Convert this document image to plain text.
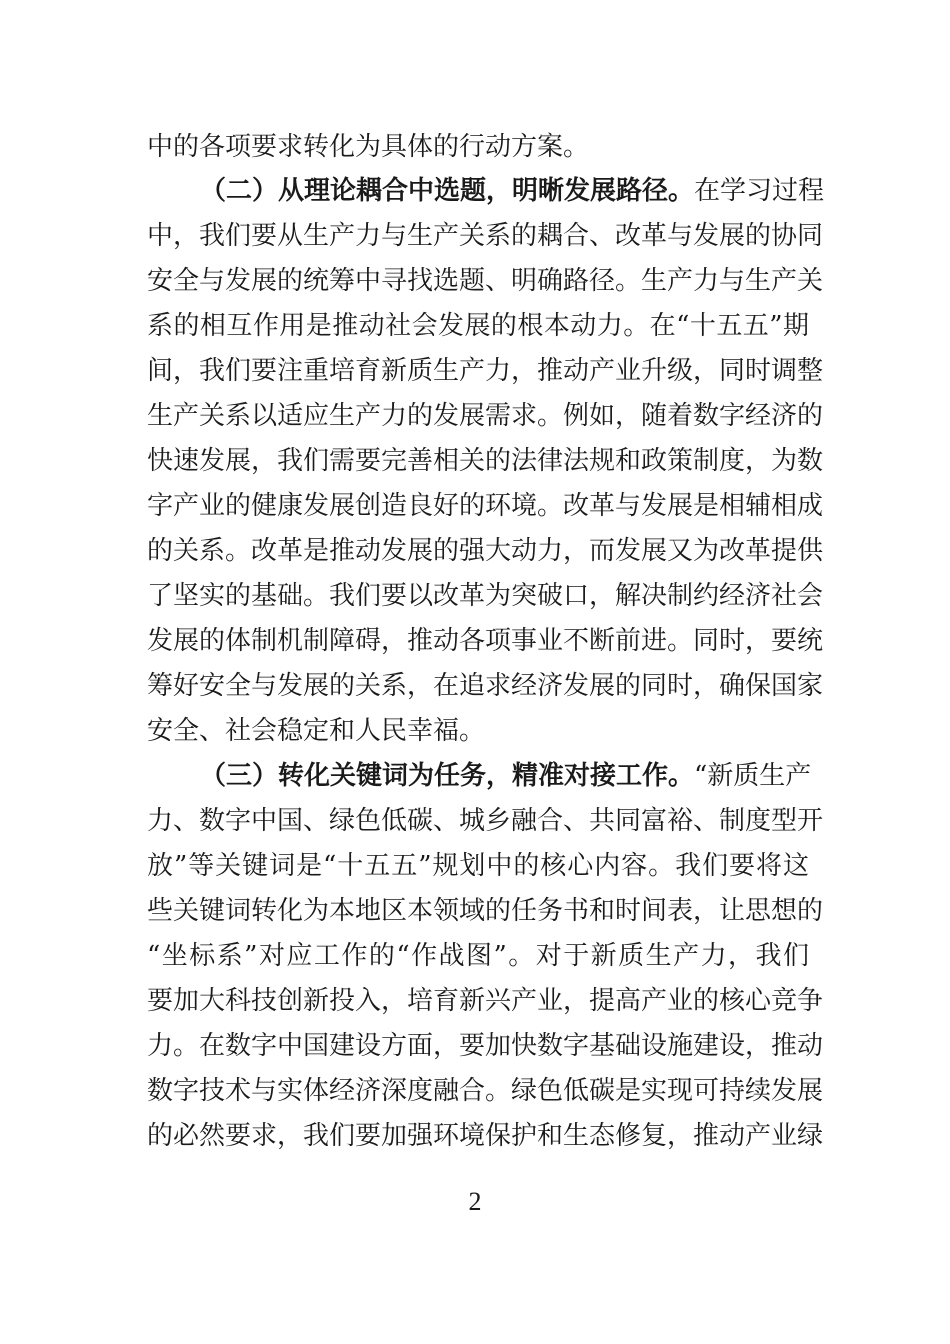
中的各项要求转化为具体的行动方案。
（二）从理论耦合中选题，明晰发展路径。在学习过程
中，我们要从生产力与生产关系的耦合、改革与发展的协同
安全与发展的统筹中寻找选题、明确路径。生产力与生产关
系的相互作用是推动社会发展的根本动力。在“十五五”期
间，我们要注重培育新质生产力，推动产业升级，同时调整
生产关系以适应生产力的发展需求。例如，随着数字经济的
快速发展，我们需要完善相关的法律法规和政策制度，为数
字产业的健康发展创造良好的环境。改革与发展是相辅相成
的关系。改革是推动发展的强大动力，而发展又为改革提供
了坚实的基础。我们要以改革为突破口，解决制约经济社会
发展的体制机制障碍，推动各项事业不断前进。同时，要统
筹好安全与发展的关系，在追求经济发展的同时，确保国家
安全、社会稳定和人民幸福。
（三）转化关键词为任务，精准对接工作。“新质生产
力、数字中国、绿色低碳、城乡融合、共同富裕、制度型开
放”等关键词是“十五五”规划中的核心内容。我们要将这
些关键词转化为本地区本领域的任务书和时间表，让思想的
“坐标系”对应工作的“作战图”。对于新质生产力，我们
要加大科技创新投入，培育新兴产业，提高产业的核心竞争
力。在数字中国建设方面，要加快数字基础设施建设，推动
数字技术与实体经济深度融合。绿色低碳是实现可持续发展
的必然要求，我们要加强环境保护和生态修复，推动产业绿
2
